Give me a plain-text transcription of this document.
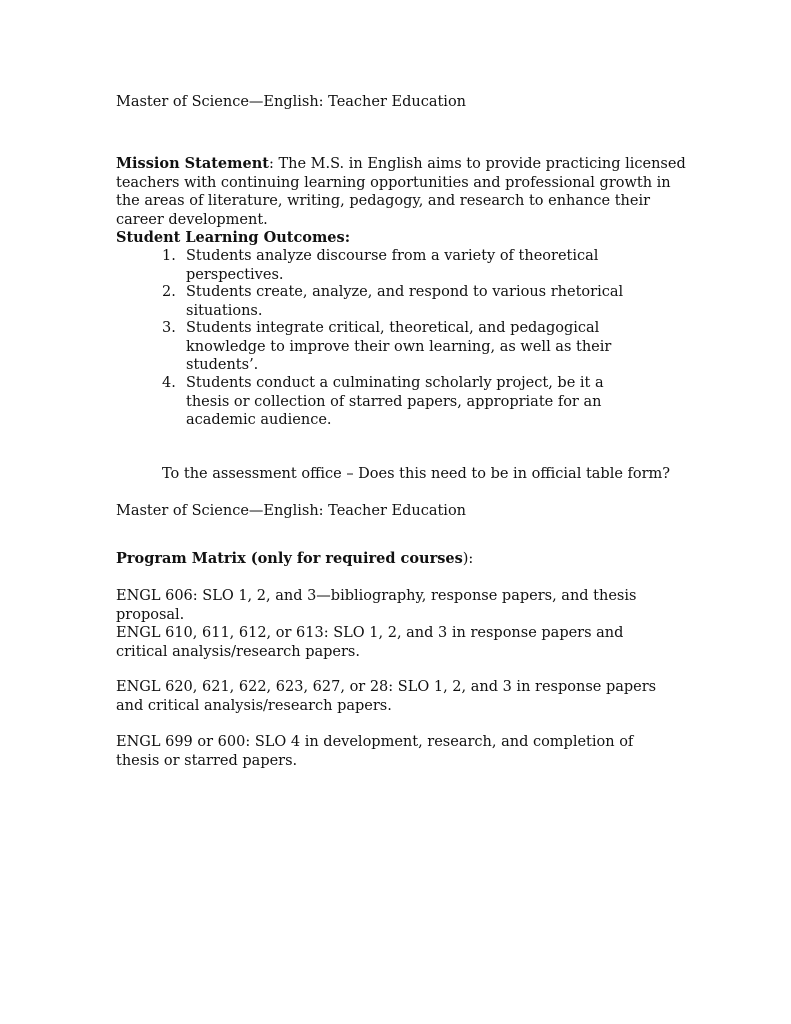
Master of Science—English: Teacher Education
Mission Statement: The M.S. in English aims to provide practicing licensed teachers with continuing learning opportunities and professional growth in the areas of literature, writing, pedagogy, and research to enhance their career development.
Student Learning Outcomes:
1. Students analyze discourse from a variety of theoretical perspectives.
2. Students create, analyze, and respond to various rhetorical situations.
3. Students integrate critical, theoretical, and pedagogical knowledge to improve their own learning, as well as their students’.
4. Students conduct a culminating scholarly project, be it a thesis or collection of starred papers, appropriate for an academic audience.
To the assessment office – Does this need to be in official table form?
Master of Science—English: Teacher Education
Program Matrix (only for required courses):
ENGL 606: SLO 1, 2, and 3—bibliography, response papers, and thesis proposal.
ENGL 610, 611, 612, or 613: SLO 1, 2, and 3 in response papers and critical analysis/research papers.
ENGL 620, 621, 622, 623, 627, or 28: SLO 1, 2, and 3 in response papers and critical analysis/research papers.
ENGL 699 or 600: SLO 4 in development, research, and completion of thesis or starred papers.
